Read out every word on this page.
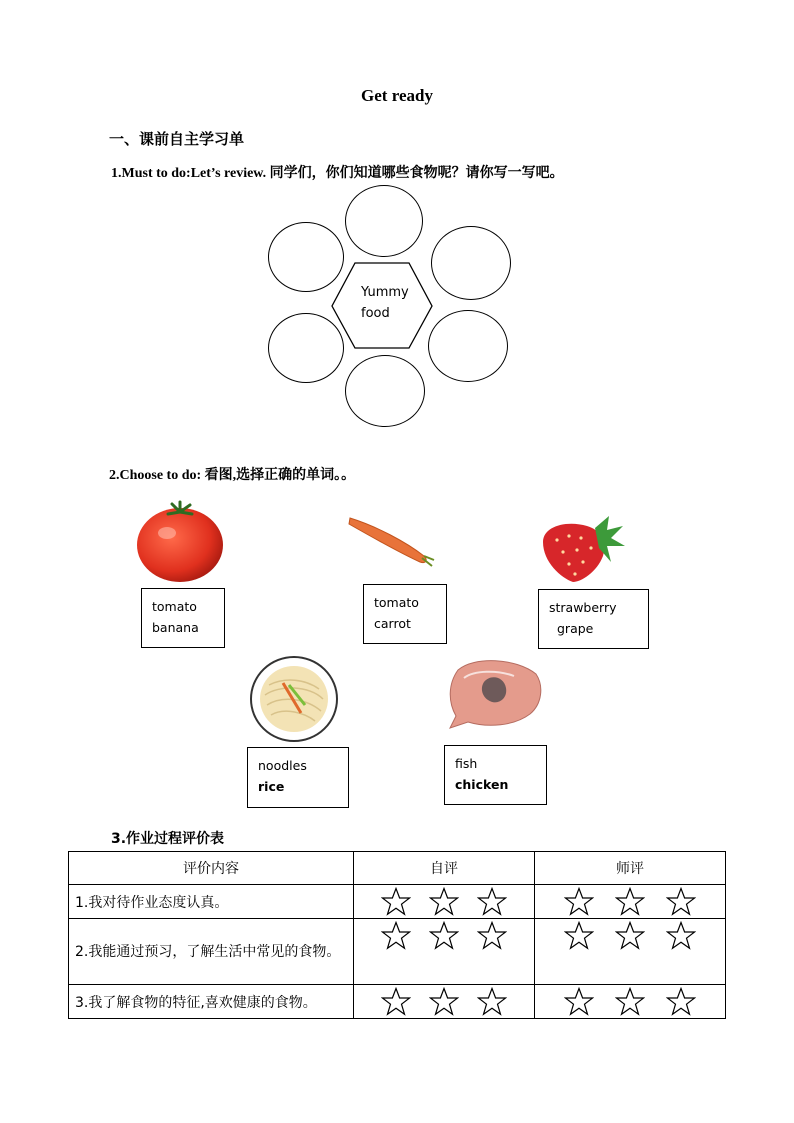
Get ready
一、课前自主学习单
1.Must to do:Let’s review. 同学们，你们知道哪些食物呢？请你写一写吧。
Yummy
food
2.Choose to do: 看图,选择正确的单词。。
tomato
banana
tomato
carrot
strawberry
grape
noodles
rice
fish
chicken
3.作业过程评价表
评价内容	自评	师评
1.我对待作业态度认真。	

2.我能通过预习，了解生活中常见的食物。	

3.我了解食物的特征,喜欢健康的食物。	
